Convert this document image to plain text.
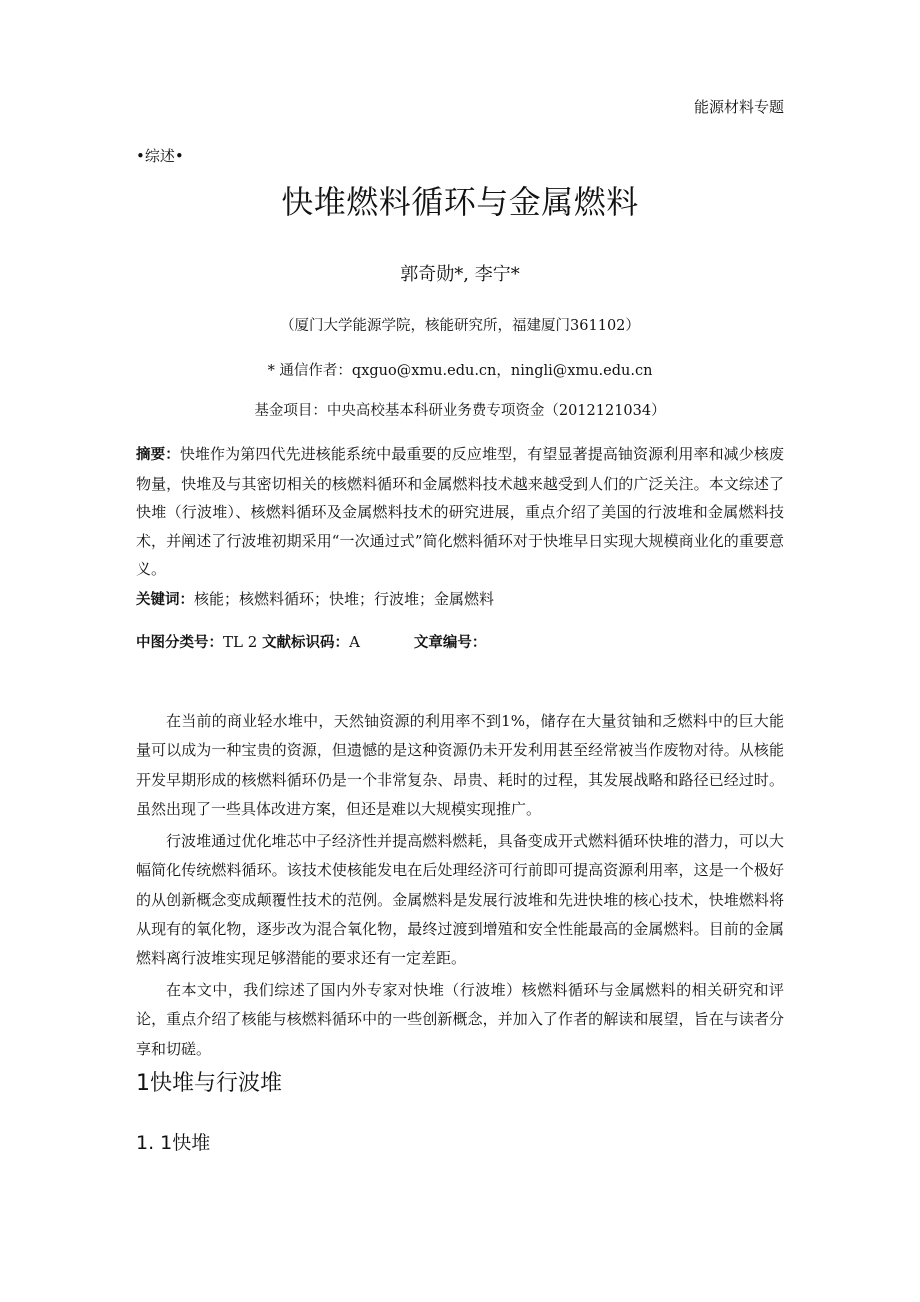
能源材料专题
•综述•
快堆燃料循环与金属燃料
郭奇勋*, 李宁*
（厦门大学能源学院，核能研究所，福建厦门361102）
* 通信作者：qxguo@xmu.edu.cn，ningli@xmu.edu.cn
基金项目：中央高校基本科研业务费专项资金（2012121034）
摘要：快堆作为第四代先进核能系统中最重要的反应堆型，有望显著提高铀资源利用率和减少核废物量，快堆及与其密切相关的核燃料循环和金属燃料技术越来越受到人们的广泛关注。本文综述了快堆（行波堆）、核燃料循环及金属燃料技术的研究进展，重点介绍了美国的行波堆和金属燃料技术，并阐述了行波堆初期采用“一次通过式”简化燃料循环对于快堆早日实现大规模商业化的重要意义。
关键词：核能；核燃料循环；快堆；行波堆；金属燃料
中图分类号：TL 2 文献标识码：A	文章编号：

在当前的商业轻水堆中，天然铀资源的利用率不到1%，储存在大量贫铀和乏燃料中的巨大能量可以成为一种宝贵的资源，但遗憾的是这种资源仍未开发利用甚至经常被当作废物对待。从核能开发早期形成的核燃料循环仍是一个非常复杂、昂贵、耗时的过程，其发展战略和路径已经过时。虽然出现了一些具体改进方案，但还是难以大规模实现推广。

行波堆通过优化堆芯中子经济性并提高燃料燃耗，具备变成开式燃料循环快堆的潜力，可以大幅简化传统燃料循环。该技术使核能发电在后处理经济可行前即可提高资源利用率，这是一个极好的从创新概念变成颠覆性技术的范例。金属燃料是发展行波堆和先进快堆的核心技术，快堆燃料将从现有的氧化物，逐步改为混合氧化物，最终过渡到增殖和安全性能最高的金属燃料。目前的金属燃料离行波堆实现足够潜能的要求还有一定差距。

在本文中，我们综述了国内外专家对快堆（行波堆）核燃料循环与金属燃料的相关研究和评论，重点介绍了核能与核燃料循环中的一些创新概念，并加入了作者的解读和展望，旨在与读者分享和切磋。

1快堆与行波堆
1. 1快堆
